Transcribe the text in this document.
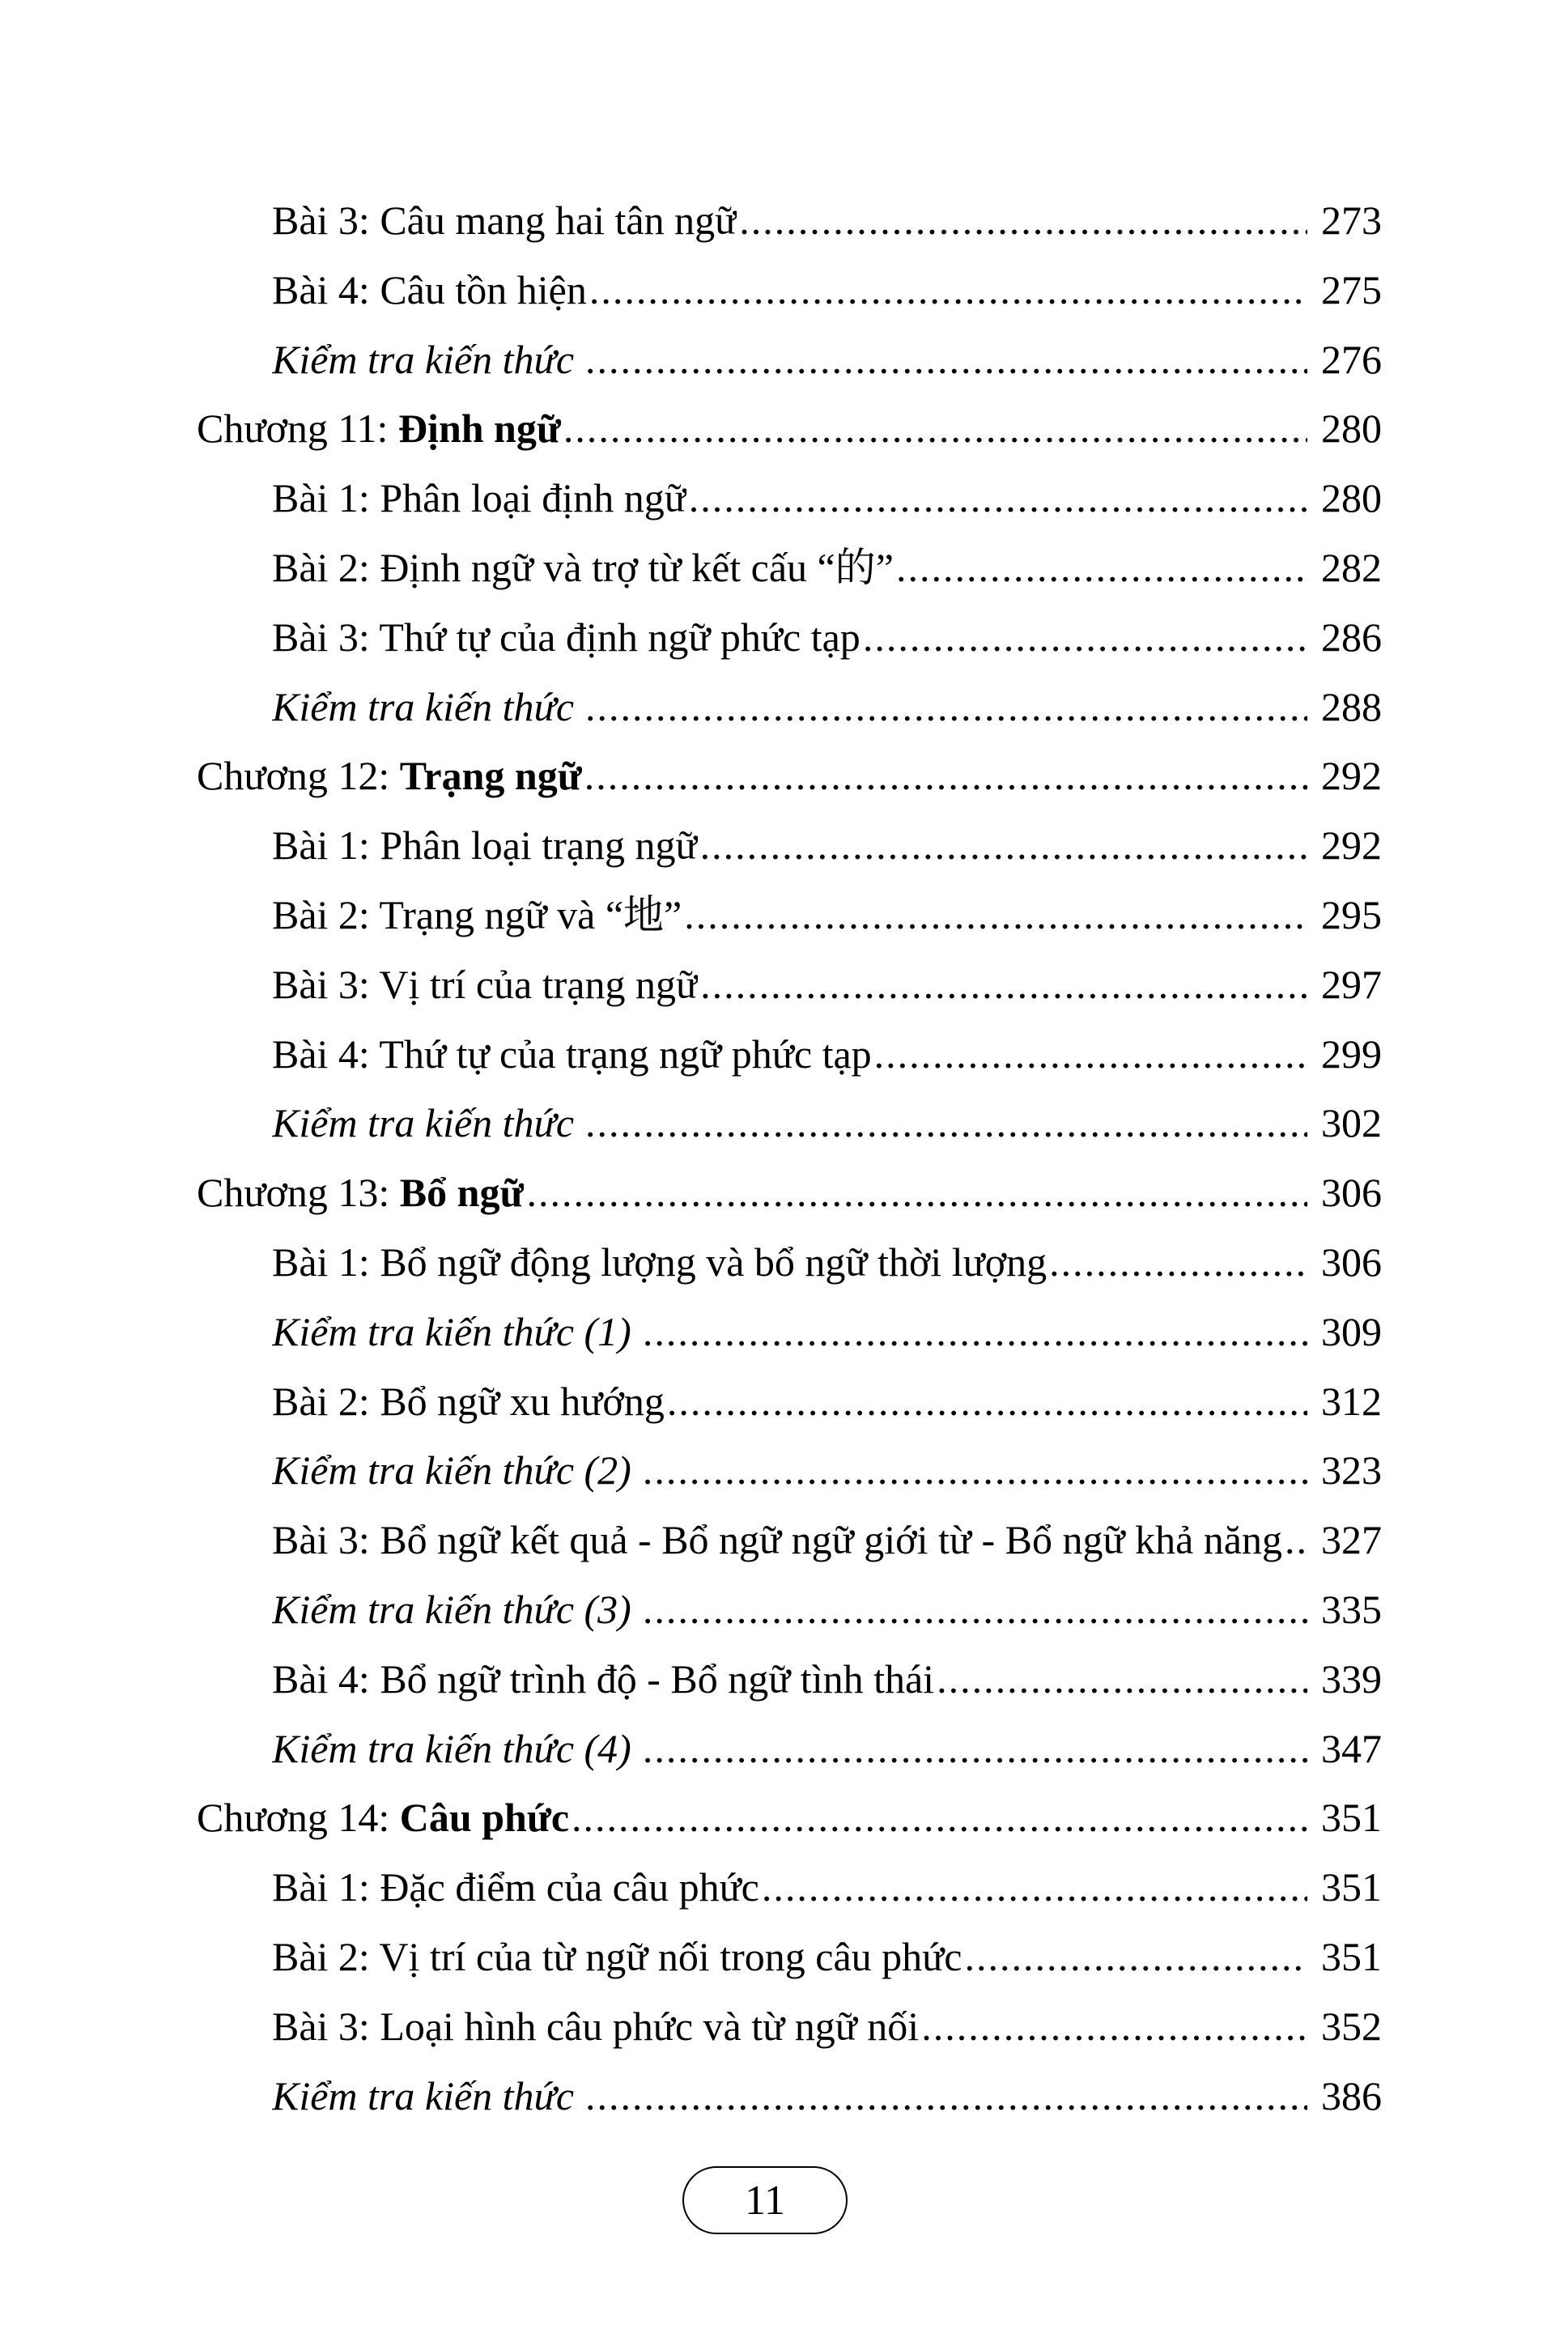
Bài 3: Câu mang hai tân ngữ .....	273
Bài 4: Câu tồn hiện .....	275
Kiểm tra kiến thức .....	276
Chương 11: Định ngữ .....	280
Bài 1: Phân loại định ngữ .....	280
Bài 2: Định ngữ và trợ từ kết cấu “的” .....	282
Bài 3: Thứ tự của định ngữ phức tạp .....	286
Kiểm tra kiến thức .....	288
Chương 12: Trạng ngữ .....	292
Bài 1: Phân loại trạng ngữ .....	292
Bài 2: Trạng ngữ và “地” .....	295
Bài 3: Vị trí của trạng ngữ .....	297
Bài 4: Thứ tự của trạng ngữ phức tạp .....	299
Kiểm tra kiến thức .....	302
Chương 13: Bổ ngữ .....	306
Bài 1: Bổ ngữ động lượng và bổ ngữ thời lượng .....	306
Kiểm tra kiến thức (1) .....	309
Bài 2: Bổ ngữ xu hướng .....	312
Kiểm tra kiến thức (2) .....	323
Bài 3: Bổ ngữ kết quả - Bổ ngữ ngữ giới từ - Bổ ngữ khả năng ..... 327
Kiểm tra kiến thức (3) .....	335
Bài 4: Bổ ngữ trình độ - Bổ ngữ tình thái .....	339
Kiểm tra kiến thức (4) .....	347
Chương 14: Câu phức .....	351
Bài 1: Đặc điểm của câu phức .....	351
Bài 2: Vị trí của từ ngữ nối trong câu phức .....	351
Bài 3: Loại hình câu phức và từ ngữ nối .....	352
Kiểm tra kiến thức .....	386
11
